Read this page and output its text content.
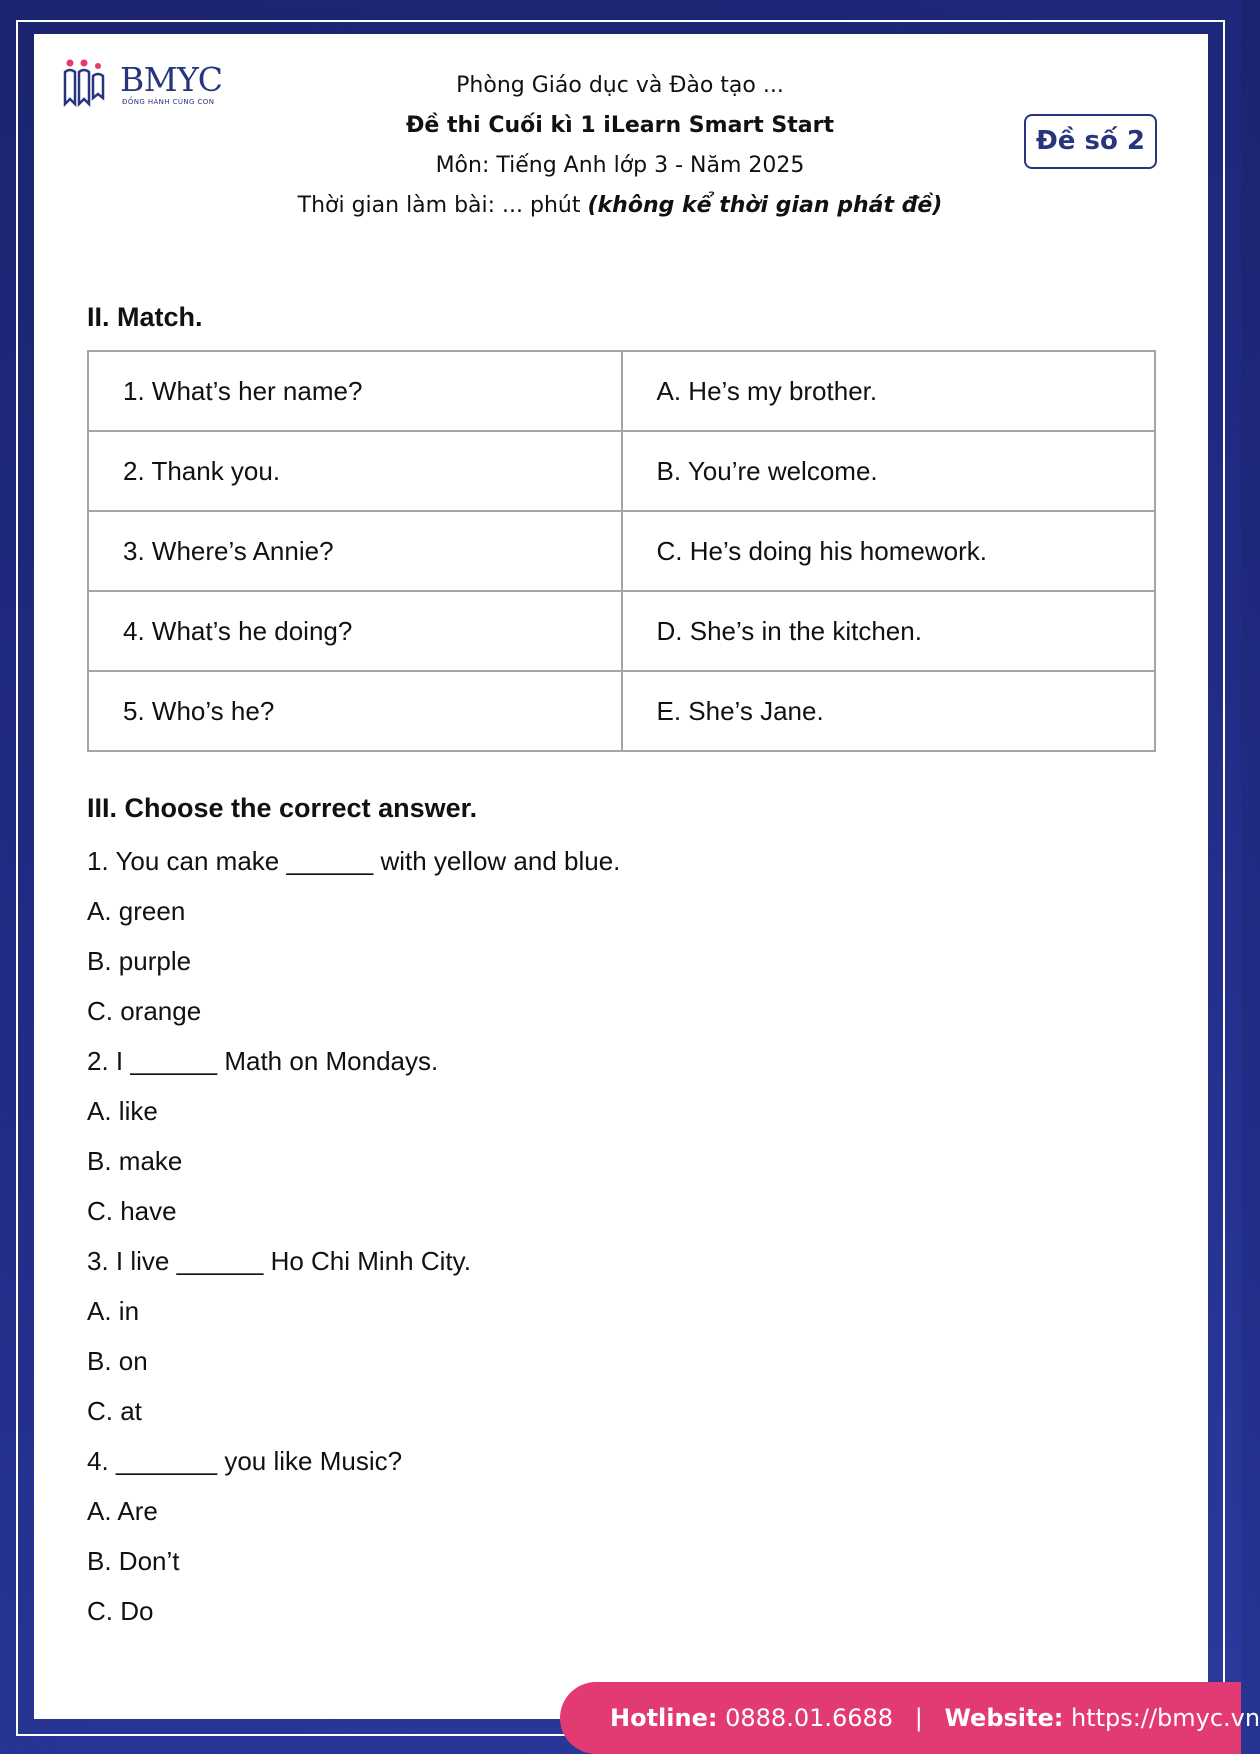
BMYC
ĐỒNG HÀNH CÙNG CON
Phòng Giáo dục và Đào tạo ...
Đề thi Cuối kì 1 iLearn Smart Start
Môn: Tiếng Anh lớp 3 - Năm 2025
Thời gian làm bài: ... phút (không kể thời gian phát đề)
Đề số 2
II. Match.
1. What’s her name?	A. He’s my brother.
2. Thank you.	B. You’re welcome.
3. Where’s Annie?	C. He’s doing his homework.
4. What’s he doing?	D. She’s in the kitchen.
5. Who’s he?	E. She’s Jane.
III. Choose the correct answer.
1. You can make ______ with yellow and blue.
A. green
B. purple
C. orange
2. I ______ Math on Mondays.
A. like
B. make
C. have
3. I live ______ Ho Chi Minh City.
A. in
B. on
C. at
4. _______ you like Music?
A. Are
B. Don’t
C. Do
Hotline: 0888.01.6688 | Website: https://bmyc.vn
